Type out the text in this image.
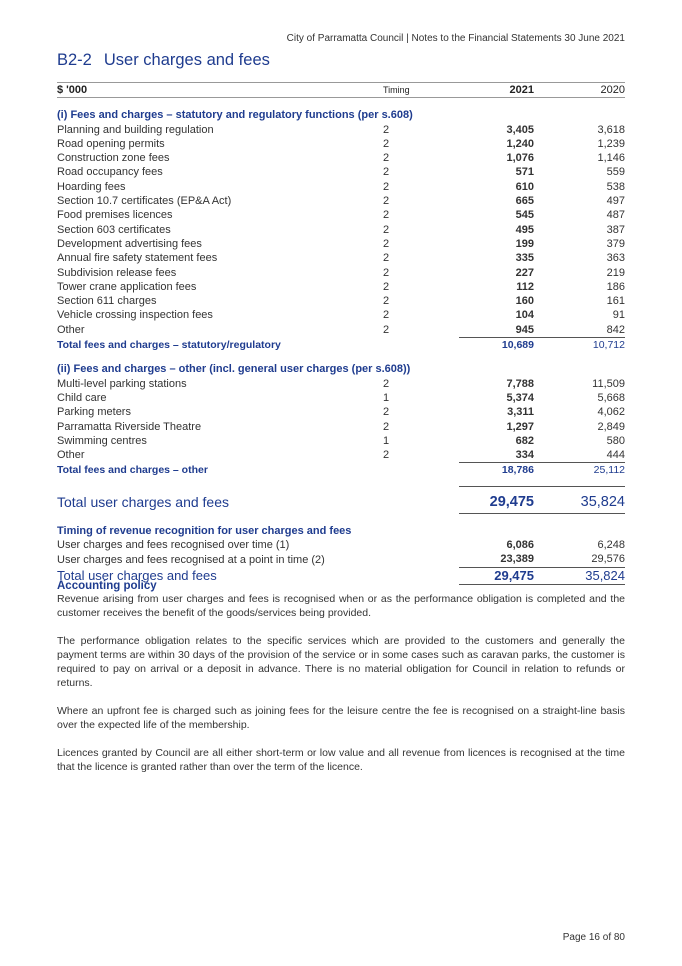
City of Parramatta Council | Notes to the Financial Statements 30 June 2021
B2-2 User charges and fees
$ '000	Timing	2021	2020
(i) Fees and charges – statutory and regulatory functions (per s.608)			
Planning and building regulation	2	3,405	3,618
Road opening permits	2	1,240	1,239
Construction zone fees	2	1,076	1,146
Road occupancy fees	2	571	559
Hoarding fees	2	610	538
Section 10.7 certificates (EP&A Act)	2	665	497
Food premises licences	2	545	487
Section 603 certificates	2	495	387
Development advertising fees	2	199	379
Annual fire safety statement fees	2	335	363
Subdivision release fees	2	227	219
Tower crane application fees	2	112	186
Section 611 charges	2	160	161
Vehicle crossing inspection fees	2	104	91
Other	2	945	842
Total fees and charges – statutory/regulatory		10,689	10,712
(ii) Fees and charges – other (incl. general user charges (per s.608))			
Multi-level parking stations	2	7,788	11,509
Child care	1	5,374	5,668
Parking meters	2	3,311	4,062
Parramatta Riverside Theatre	2	1,297	2,849
Swimming centres	1	682	580
Other	2	334	444
Total fees and charges – other		18,786	25,112

Total user charges and fees		29,475	35,824
Timing of revenue recognition for user charges and fees			
User charges and fees recognised over time (1)		6,086	6,248
User charges and fees recognised at a point in time (2)		23,389	29,576
Total user charges and fees		29,475	35,824
Accounting policy

Revenue arising from user charges and fees is recognised when or as the performance obligation is completed and the customer receives the benefit of the goods/services being provided.

The performance obligation relates to the specific services which are provided to the customers and generally the payment terms are within 30 days of the provision of the service or in some cases such as caravan parks, the customer is required to pay on arrival or a deposit in advance. There is no material obligation for Council in relation to refunds or returns.

Where an upfront fee is charged such as joining fees for the leisure centre the fee is recognised on a straight-line basis over the expected life of the membership.

Licences granted by Council are all either short-term or low value and all revenue from licences is recognised at the time that the licence is granted rather than over the term of the licence.

Page 16 of 80
